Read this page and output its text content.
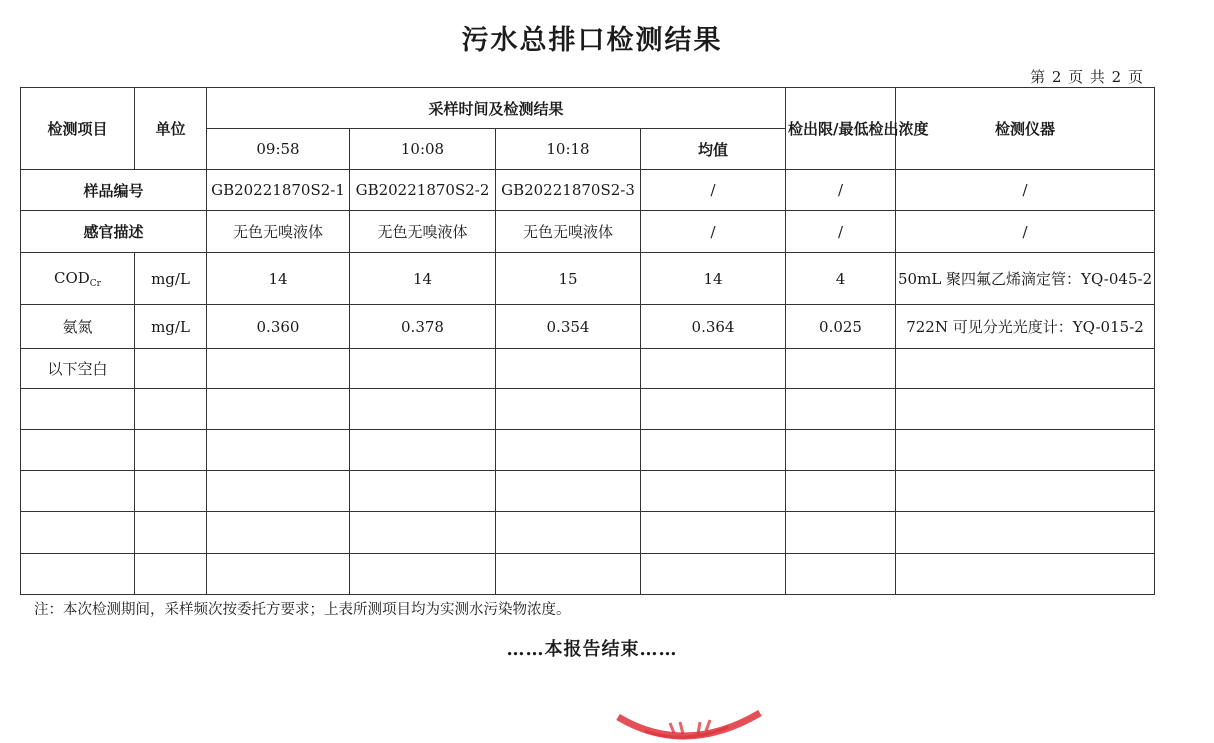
污水总排口检测结果
第 2 页 共 2 页
检测项目	单位	采样时间及检测结果				检出限/最低检出浓度	检测仪器
		09:58	10:08	10:18	均值		
样品编号		GB20221870S2-1	GB20221870S2-2	GB20221870S2-3	/	/	/
感官描述		无色无嗅液体	无色无嗅液体	无色无嗅液体	/	/	/
$COD_{Cr}$	mg/L	14	14	15	14	4	50mL 聚四氟乙烯滴定管：YQ-045-2
氨氮	mg/L	0.360	0.378	0.354	0.364	0.025	722N 可见分光光度计：YQ-015-2
以下空白							

注：本次检测期间，采样频次按委托方要求；上表所测项目均为实测水污染物浓度。
……本报告结束……
